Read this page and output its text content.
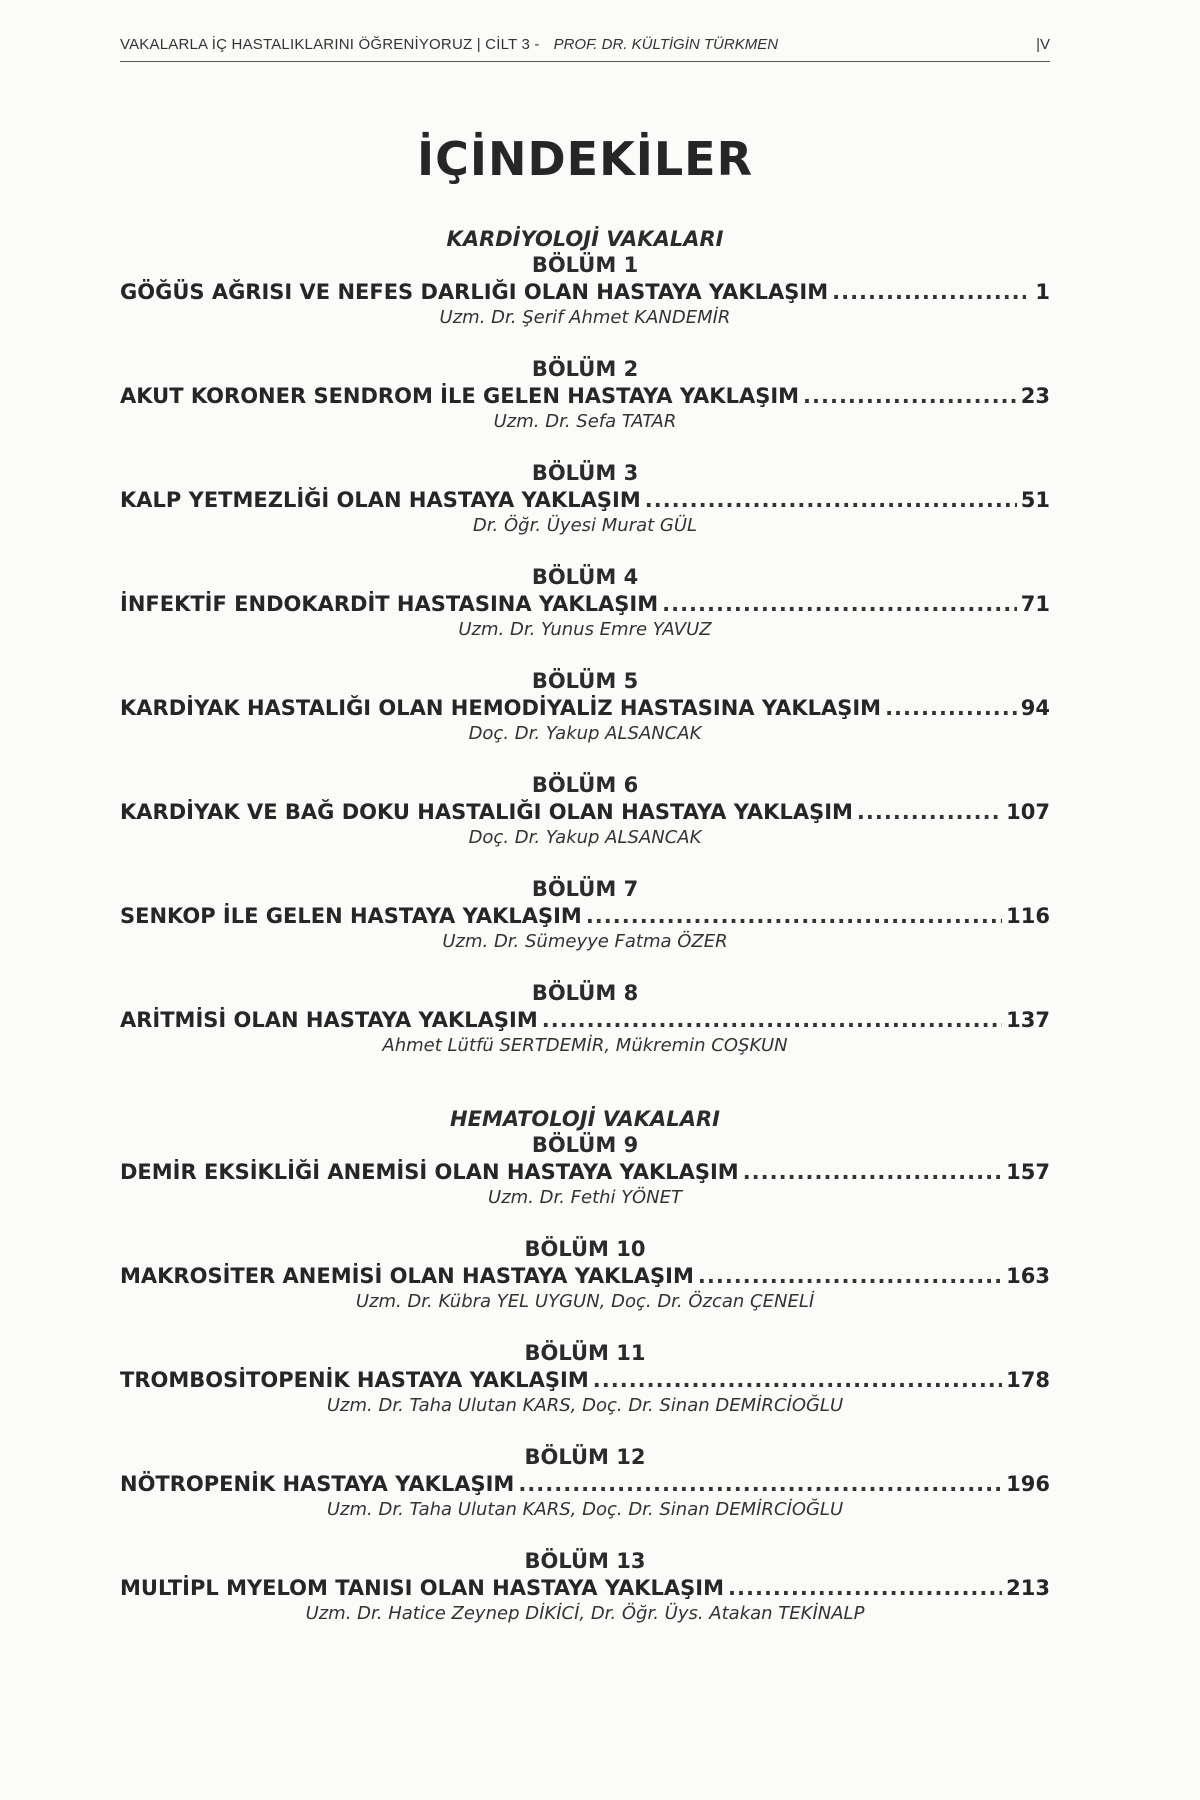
VAKALARLA İÇ HASTALIKLARINI ÖĞRENİYORUZ | CİLT 3 - PROF. DR. KÜLTİGİN TÜRKMEN	|V
İÇİNDEKİLER
KARDİYOLOJİ VAKALARI
BÖLÜM 1
GÖĞÜS AĞRISI VE NEFES DARLIĞI OLAN HASTAYA YAKLAŞIM .....	1
Uzm. Dr. Şerif Ahmet KANDEMİR
BÖLÜM 2
AKUT KORONER SENDROM İLE GELEN HASTAYA YAKLAŞIM .....	23
Uzm. Dr. Sefa TATAR
BÖLÜM 3
KALP YETMEZLİĞİ OLAN HASTAYA YAKLAŞIM .....	51
Dr. Öğr. Üyesi Murat GÜL
BÖLÜM 4
İNFEKTİF ENDOKARDİT HASTASINA YAKLAŞIM .....	71
Uzm. Dr. Yunus Emre YAVUZ
BÖLÜM 5
KARDİYAK HASTALIĞI OLAN HEMODİYALİZ HASTASINA YAKLAŞIM .....	94
Doç. Dr. Yakup ALSANCAK
BÖLÜM 6
KARDİYAK VE BAĞ DOKU HASTALIĞI OLAN HASTAYA YAKLAŞIM .....	107
Doç. Dr. Yakup ALSANCAK
BÖLÜM 7
SENKOP İLE GELEN HASTAYA YAKLAŞIM .....	116
Uzm. Dr. Sümeyye Fatma ÖZER
BÖLÜM 8
ARİTMİSİ OLAN HASTAYA YAKLAŞIM .....	137
Ahmet Lütfü SERTDEMİR, Mükremin COŞKUN
HEMATOLOJİ VAKALARI
BÖLÜM 9
DEMİR EKSİKLİĞİ ANEMİSİ OLAN HASTAYA YAKLAŞIM .....	157
Uzm. Dr. Fethi YÖNET
BÖLÜM 10
MAKROSİTER ANEMİSİ OLAN HASTAYA YAKLAŞIM .....	163
Uzm. Dr. Kübra YEL UYGUN, Doç. Dr. Özcan ÇENELİ
BÖLÜM 11
TROMBOSİTOPENİK HASTAYA YAKLAŞIM .....	178
Uzm. Dr. Taha Ulutan KARS, Doç. Dr. Sinan DEMİRCİOĞLU
BÖLÜM 12
NÖTROPENİK HASTAYA YAKLAŞIM .....	196
Uzm. Dr. Taha Ulutan KARS, Doç. Dr. Sinan DEMİRCİOĞLU
BÖLÜM 13
MULTİPL MYELOM TANISI OLAN HASTAYA YAKLAŞIM .....	213
Uzm. Dr. Hatice Zeynep DİKİCİ, Dr. Öğr. Üys. Atakan TEKİNALP
